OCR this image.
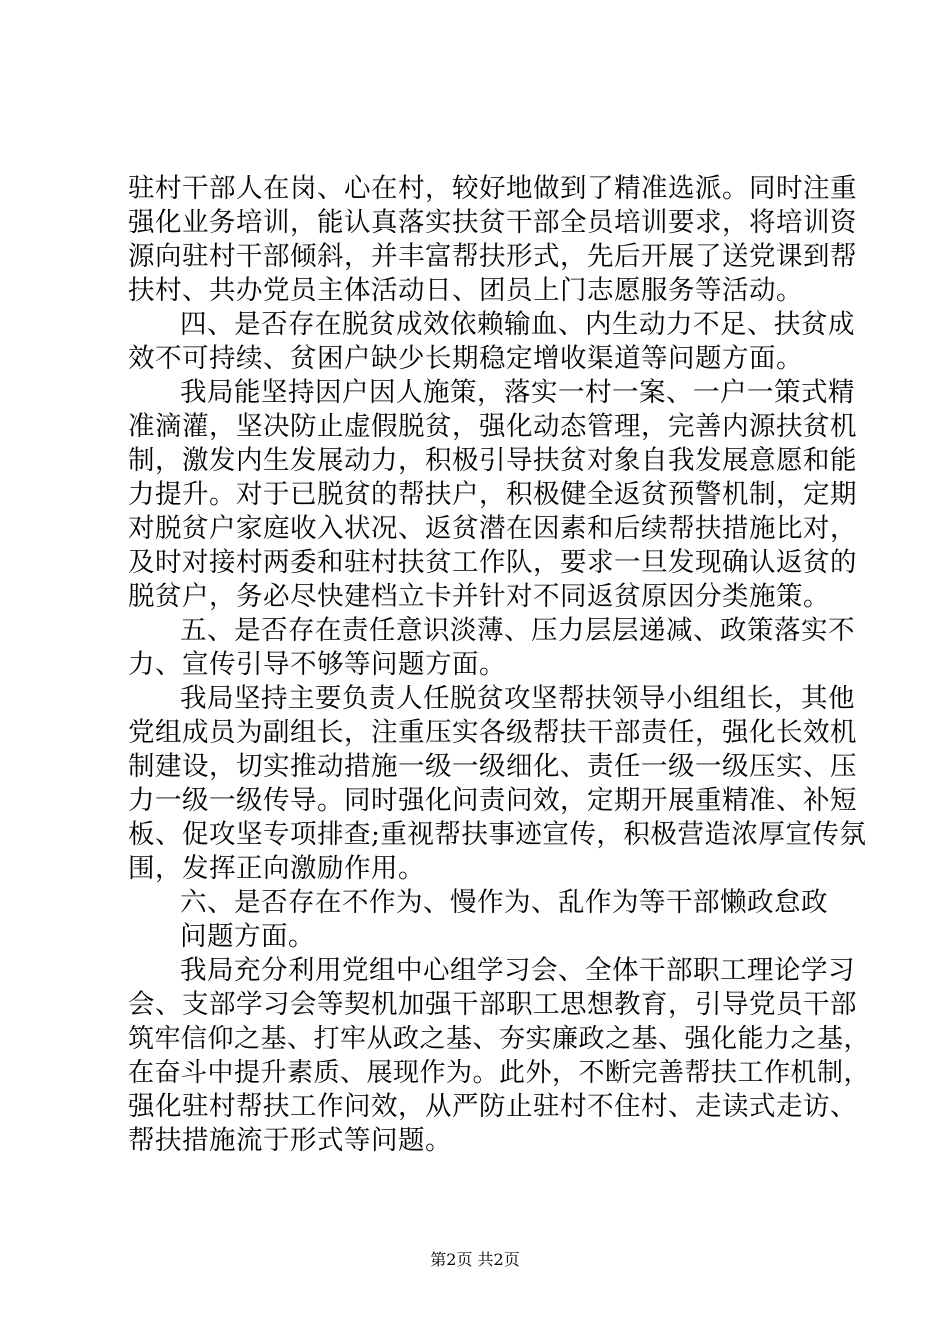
驻村干部人在岗、心在村，较好地做到了精准选派。同时注重
强化业务培训，能认真落实扶贫干部全员培训要求，将培训资
源向驻村干部倾斜，并丰富帮扶形式，先后开展了送党课到帮
扶村、共办党员主体活动日、团员上门志愿服务等活动。
四、是否存在脱贫成效依赖输血、内生动力不足、扶贫成
效不可持续、贫困户缺少长期稳定增收渠道等问题方面。
我局能坚持因户因人施策，落实一村一案、一户一策式精
准滴灌，坚决防止虚假脱贫，强化动态管理，完善内源扶贫机
制，激发内生发展动力，积极引导扶贫对象自我发展意愿和能
力提升。对于已脱贫的帮扶户，积极健全返贫预警机制，定期
对脱贫户家庭收入状况、返贫潜在因素和后续帮扶措施比对，
及时对接村两委和驻村扶贫工作队，要求一旦发现确认返贫的
脱贫户，务必尽快建档立卡并针对不同返贫原因分类施策。
五、是否存在责任意识淡薄、压力层层递减、政策落实不
力、宣传引导不够等问题方面。
我局坚持主要负责人任脱贫攻坚帮扶领导小组组长，其他
党组成员为副组长，注重压实各级帮扶干部责任，强化长效机
制建设，切实推动措施一级一级细化、责任一级一级压实、压
力一级一级传导。同时强化问责问效，定期开展重精准、补短
板、促攻坚专项排查;重视帮扶事迹宣传，积极营造浓厚宣传氛
围，发挥正向激励作用。
六、是否存在不作为、慢作为、乱作为等干部懒政怠政
问题方面。
我局充分利用党组中心组学习会、全体干部职工理论学习
会、支部学习会等契机加强干部职工思想教育，引导党员干部
筑牢信仰之基、打牢从政之基、夯实廉政之基、强化能力之基，
在奋斗中提升素质、展现作为。此外，不断完善帮扶工作机制，
强化驻村帮扶工作问效，从严防止驻村不住村、走读式走访、
帮扶措施流于形式等问题。
第2页 共2页
